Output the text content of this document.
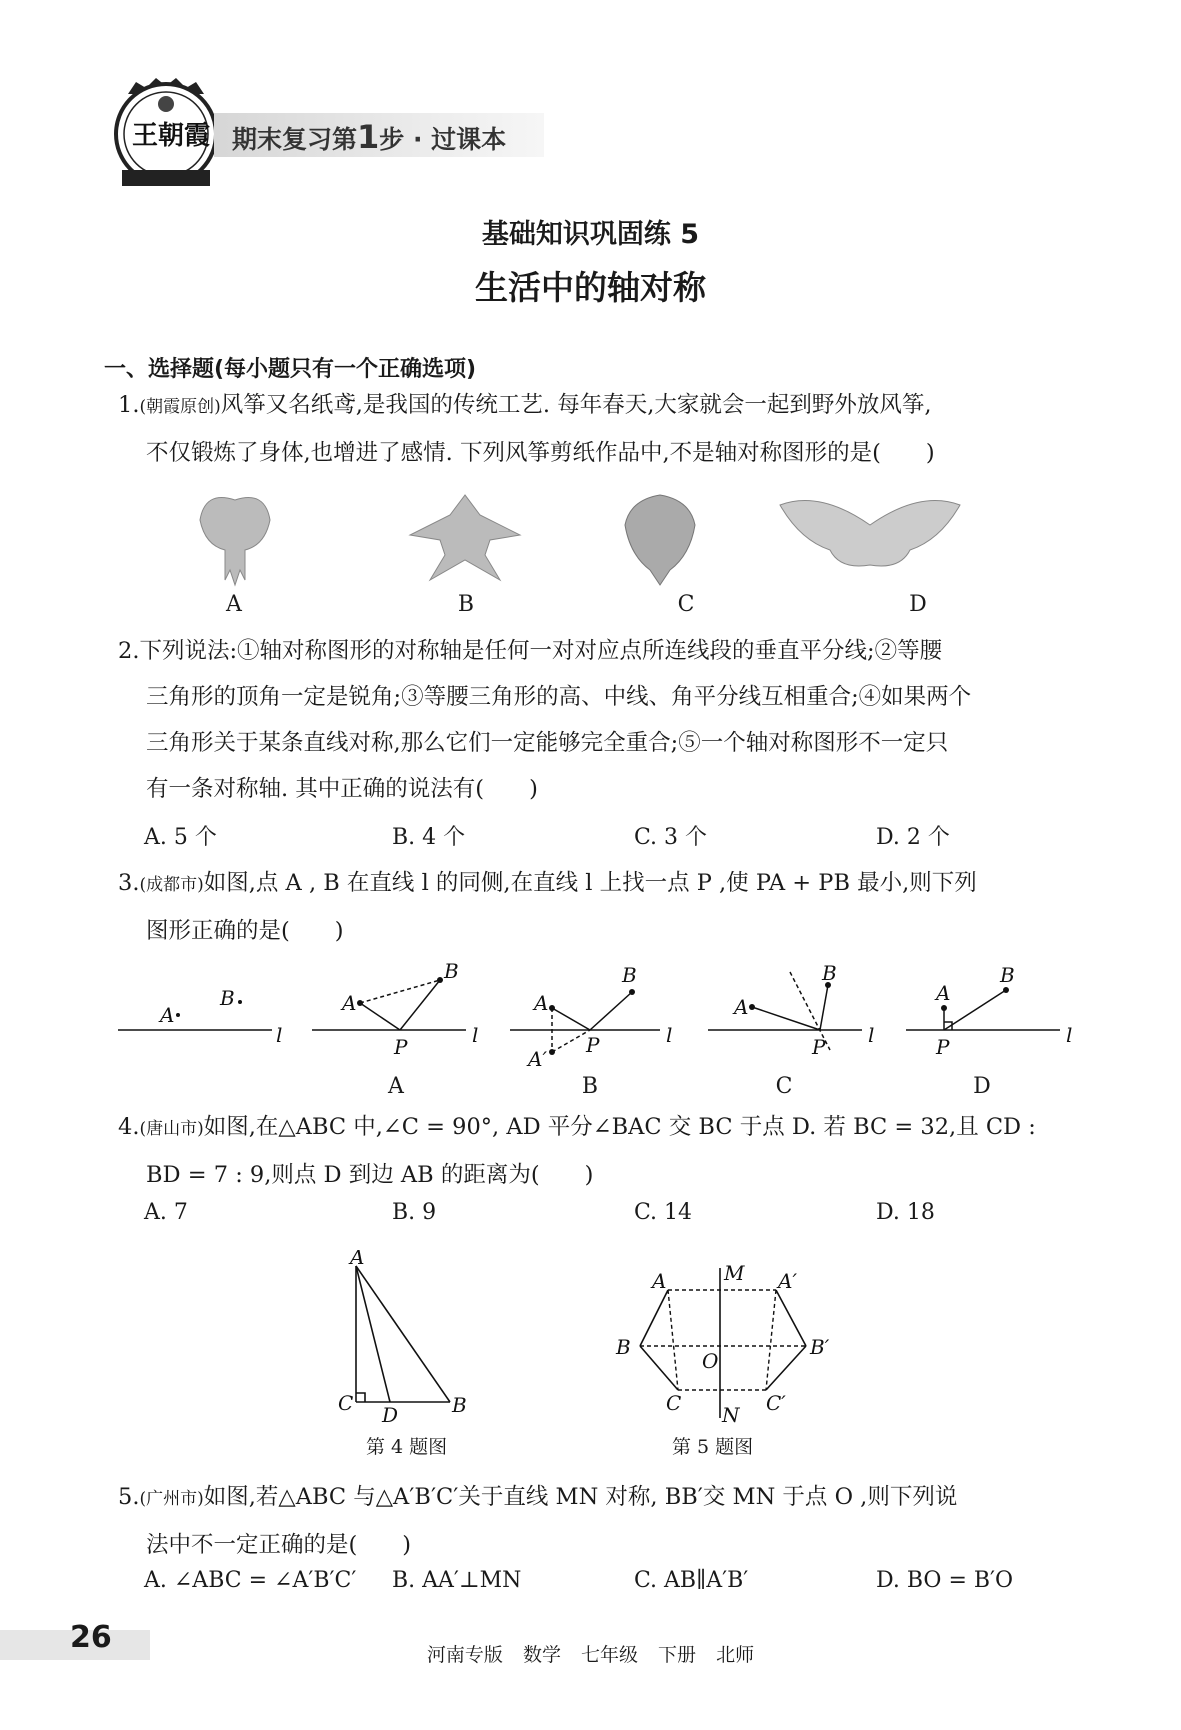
王朝霞 期末复习第1步 · 过课本
基础知识巩固练 5
生活中的轴对称
一、选择题(每小题只有一个正确选项)
1.(朝霞原创)风筝又名纸鸢,是我国的传统工艺. 每年春天,大家就会一起到野外放风筝,
不仅锻炼了身体,也增进了感情. 下列风筝剪纸作品中,不是轴对称图形的是(　　)
A	B	C	D
2.下列说法:①轴对称图形的对称轴是任何一对对应点所连线段的垂直平分线;②等腰
三角形的顶角一定是锐角;③等腰三角形的高、中线、角平分线互相重合;④如果两个
三角形关于某条直线对称,那么它们一定能够完全重合;⑤一个轴对称图形不一定只
有一条对称轴. 其中正确的说法有(　　)
A. 5 个	B. 4 个	C. 3 个	D. 2 个
3.(成都市)如图,点 A , B 在直线 l 的同侧,在直线 l 上找一点 P ,使 PA + PB 最小,则下列
图形正确的是(　　)
A
B
l
A
B
P	l
A
A′
B
P	l
A
B
P l
A
B
P	l
A	B	C	D
4.(唐山市)如图,在△ABC 中,∠C = 90°, AD 平分∠BAC 交 BC 于点 D. 若 BC = 32,且 CD :
BD = 7 : 9,则点 D 到边 AB 的距离为(　　)
A. 7	B. 9	C. 14	D. 18
A
C D	B
第 4 题图
A	M A′
B
O
B′
C N C′
第 5 题图
5.(广州市)如图,若△ABC 与△A′B′C′关于直线 MN 对称, BB′交 MN 于点 O ,则下列说
法中不一定正确的是(　　)
A. ∠ABC = ∠A′B′C′ B. AA′⊥MN	C. AB∥A′B′	D. BO = B′O
26	河南专版 数学 七年级 下册 北师
